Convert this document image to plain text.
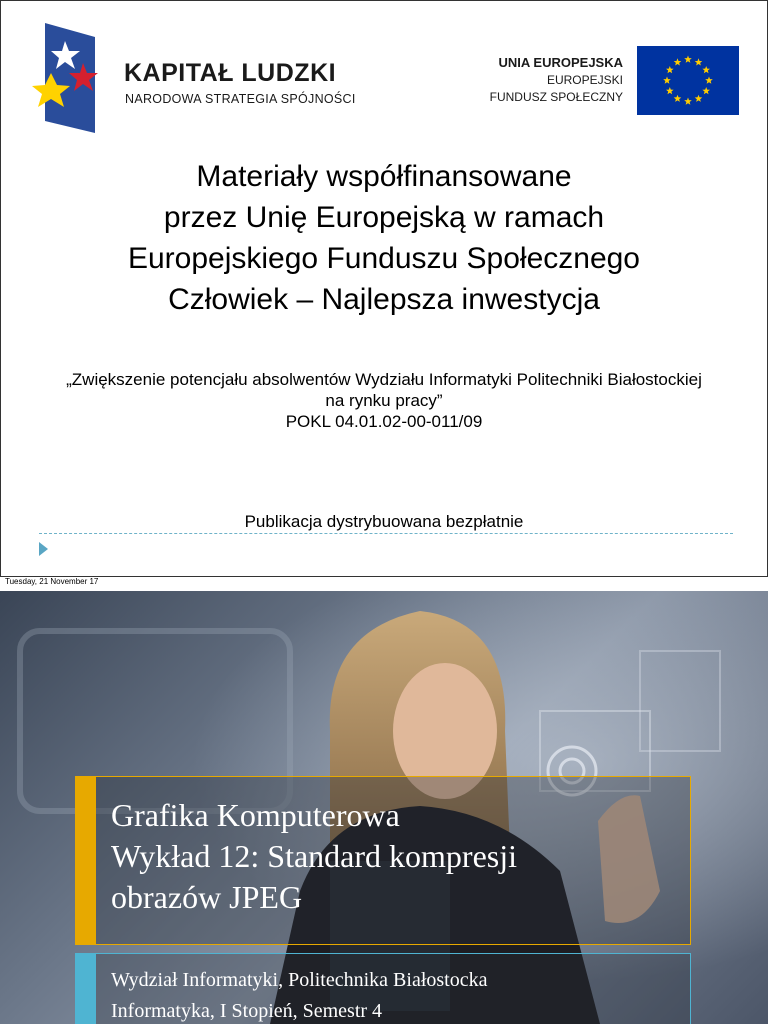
KAPITAŁ LUDZKI
NARODOWA STRATEGIA SPÓJNOŚCI
UNIA EUROPEJSKA
EUROPEJSKI
FUNDUSZ SPOŁECZNY
Materiały współfinansowane
przez Unię Europejską w ramach
Europejskiego Funduszu Społecznego
Człowiek – Najlepsza inwestycja
„Zwiększenie potencjału absolwentów Wydziału Informatyki Politechniki Białostockiej
na rynku pracy”
POKL 04.01.02-00-011/09
Publikacja dystrybuowana bezpłatnie
Tuesday, 21 November 17
Grafika Komputerowa
Wykład 12: Standard kompresji
obrazów JPEG
Wydział Informatyki, Politechnika Białostocka
Informatyka, I Stopień, Semestr 4
